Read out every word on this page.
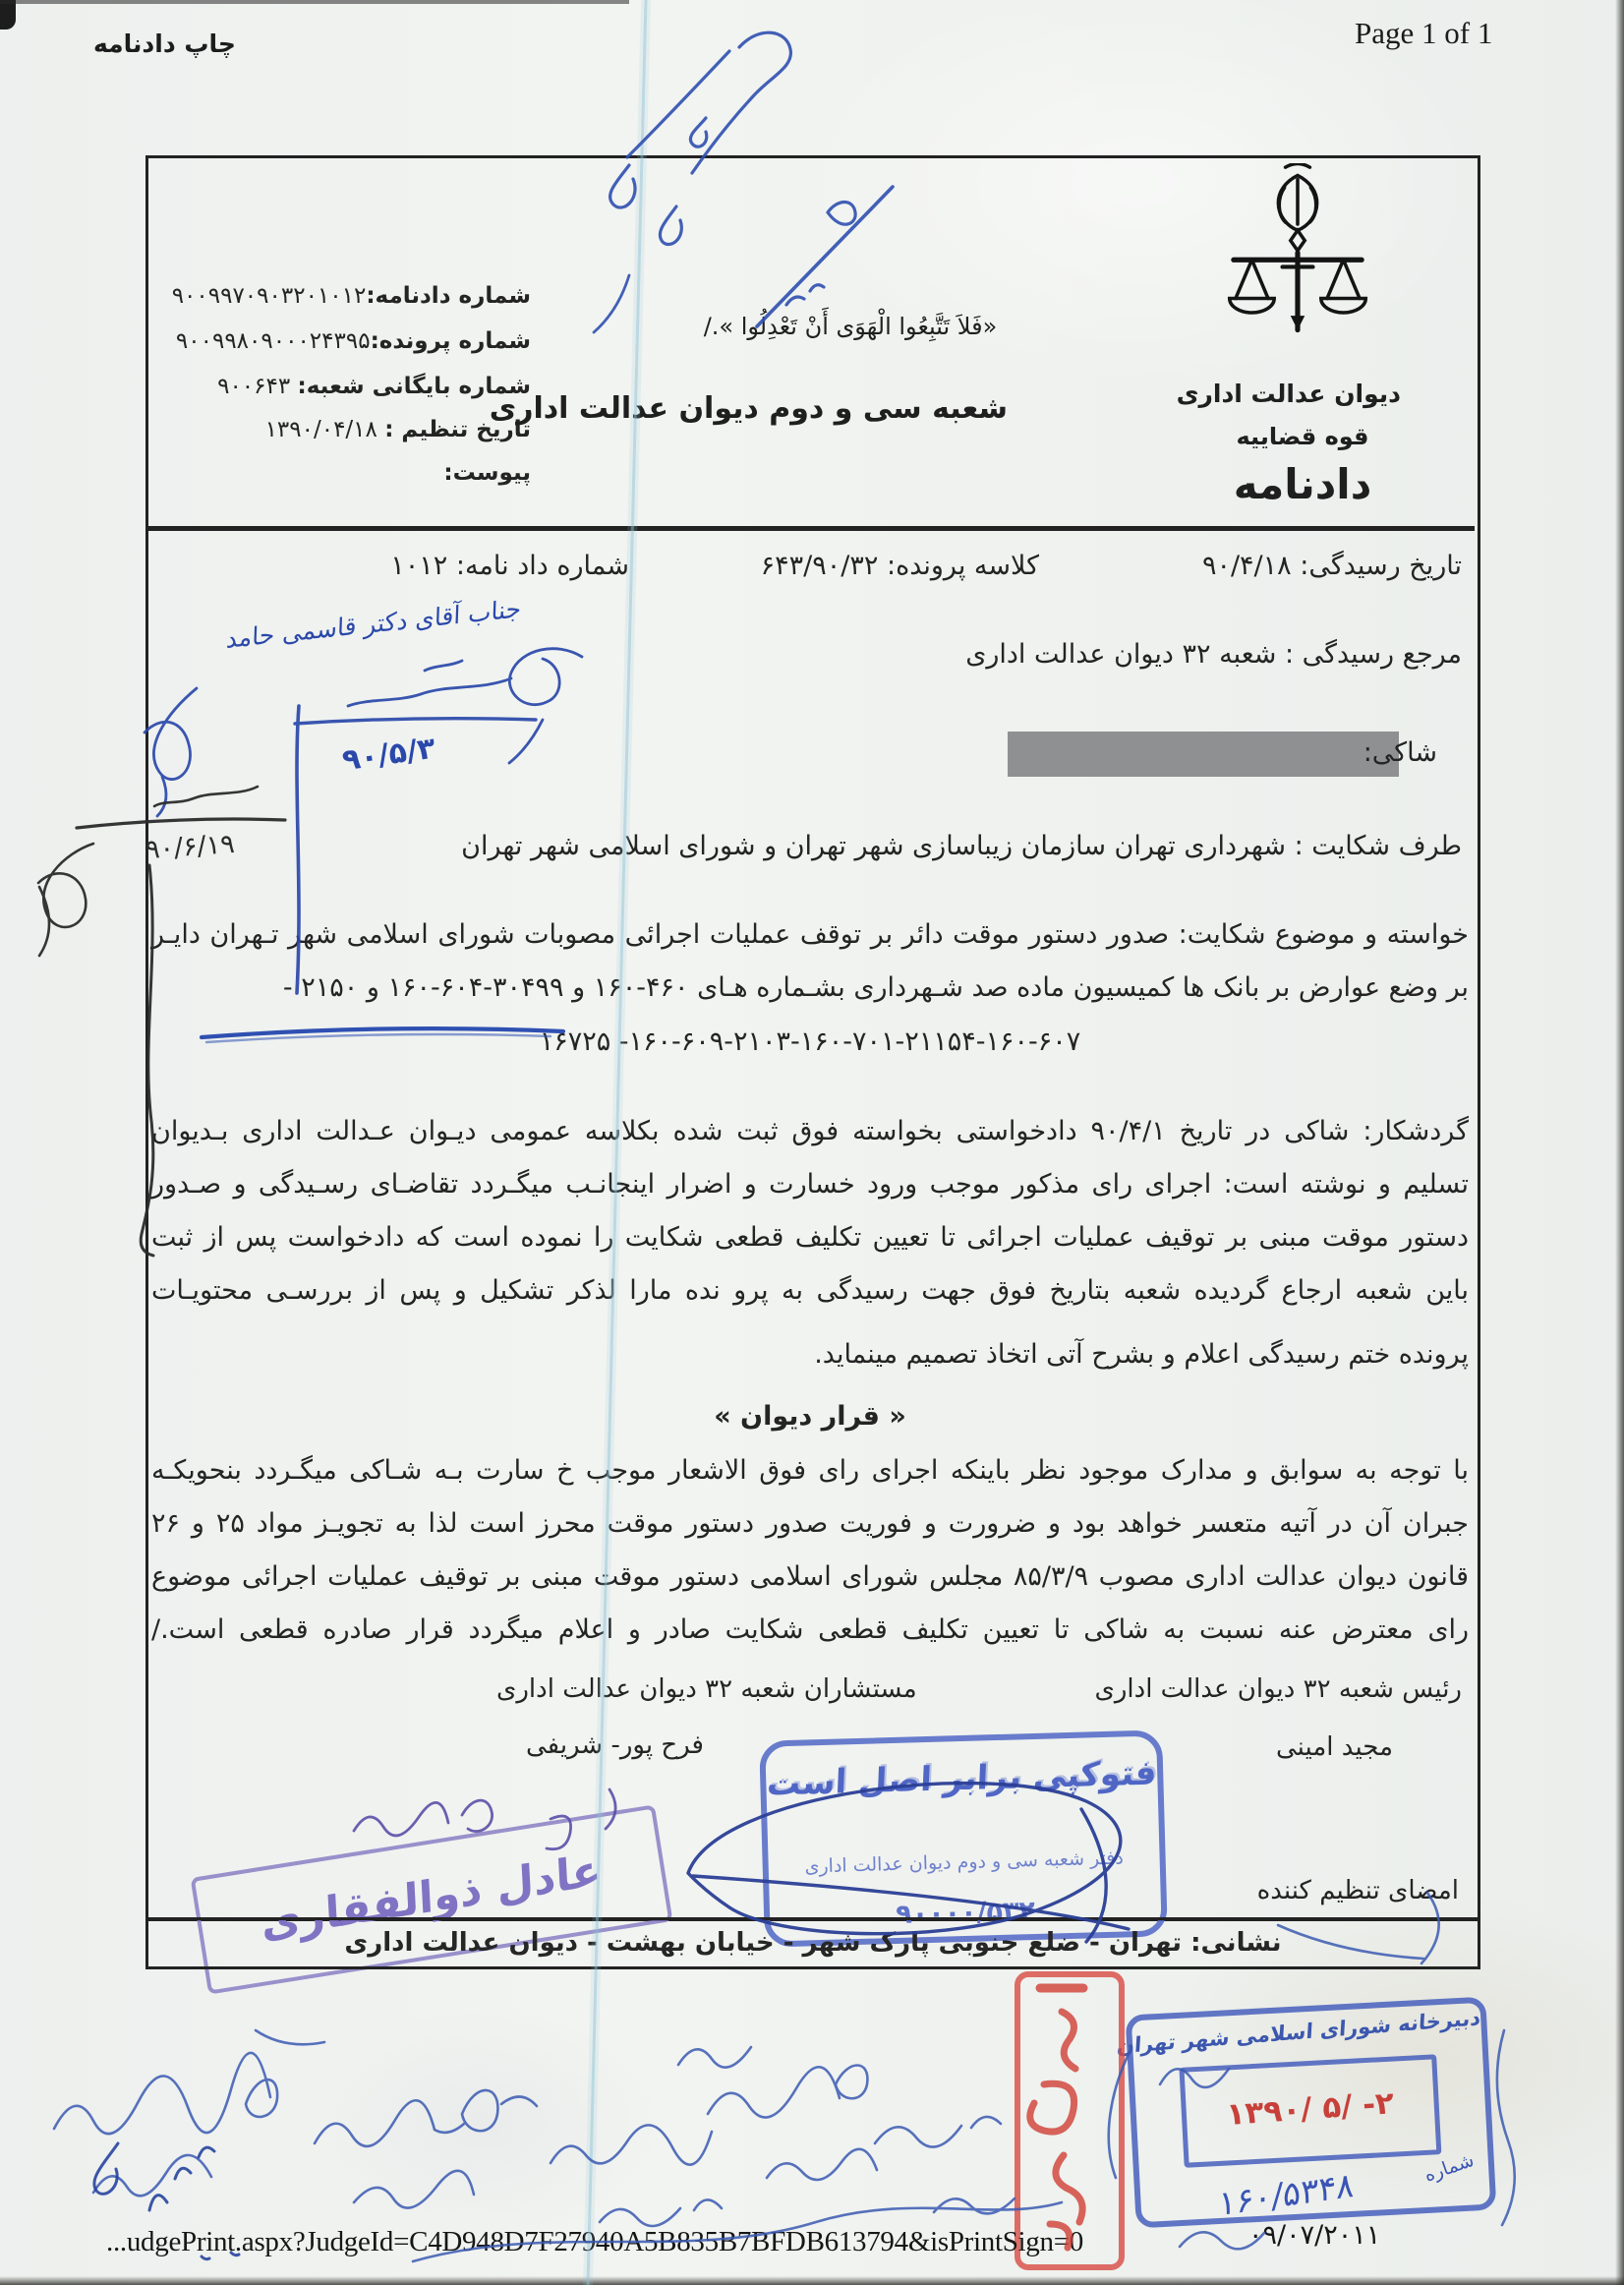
چاپ دادنامه	Page 1 of 1
شماره دادنامه:۹۰۰۹۹۷۰۹۰۳۲۰۱۰۱۲
شماره پرونده:۹۰۰۹۹۸۰۹۰۰۰۲۴۳۹۵
شماره بایگانی شعبه: ۹۰۰۶۴۳
تاریخ تنظیم : ۱۳۹۰/۰۴/۱۸
پیوست:
«فَلاَ تَتَّبِعُوا الْهَوَی أَنْ تَعْدِلُوا »./
شعبه سی و دوم دیوان عدالت اداری	دیوان عدالت اداری
قوه قضاییه
دادنامه
تاریخ رسیدگی: ۹۰/۴/۱۸
کلاسه پرونده: ۶۴۳/۹۰/۳۲
شماره داد نامه: ۱۰۱۲
مرجع رسیدگی : شعبه ۳۲ دیوان عدالت اداری
شاکی:
طرف شکایت : شهرداری تهران سازمان زیباسازی شهر تهران و شورای اسلامی شهر تهران
خواسته و موضوع شکایت: صدور دستور موقت دائر بر توقف عملیات اجرائی مصوبات شورای اسلامی شهر تـهران دایـر
بر وضع عوارض بر بانک ها کمیسیون ماده صد شـهرداری بشـماره هـای ۴۶۰-۱۶۰ و ۳۰۴۹۹-۶۰۴-۱۶۰ و ۲۱۵۰ -
۱۶۷۲۵ -۱۶۰-۶۰۹-۲۱۰۳-۱۶۰-۷۰۱-۲۱۱۵۴-۱۶۰-۶۰۷
گردشکار: شاکی در تاریخ ۹۰/۴/۱ دادخواستی بخواسته فوق ثبت شده بکلاسه عمومی دیـوان عـدالت اداری بـدیوان
تسلیم و نوشته است: اجرای رای مذکور موجب ورود خسارت و اضرار اینجانـب میگـردد تقاضـای رسـیدگی و صـدور
دستور موقت مبنی بر توقیف عملیات اجرائی تا تعیین تکلیف قطعی شکایت را نموده است که دادخواست پس از ثبت
باین شعبه ارجاع گردیده شعبه بتاریخ فوق جهت رسیدگی به پرو نده مارا لذکر تشکیل و پس از بررسـی محتویـات
پرونده ختم رسیدگی اعلام و بشرح آتی اتخاذ تصمیم مینماید.
« قرار دیوان »
با توجه به سوابق و مدارک موجود نظر باینکه اجرای رای فوق الاشعار موجب خ سارت بـه شـاکی میگـردد بنحویکـه
جبران آن در آتیه متعسر خواهد بود و ضرورت و فوریت صدور دستور موقت محرز است لذا به تجویـز مواد ۲۵ و ۲۶
قانون دیوان عدالت اداری مصوب ۸۵/۳/۹ مجلس شورای اسلامی دستور موقت مبنی بر توقیف عملیات اجرائی موضوع
رای معترض عنه نسبت به شاکی تا تعیین تکلیف قطعی شکایت صادر و اعلام میگردد قرار صادره قطعی است./
رئیس شعبه ۳۲ دیوان عدالت اداری
مستشاران شعبه ۳۲ دیوان عدالت اداری
مجید امینی
فرح پور- شریفی
امضای تنظیم کننده
فتوکپی برابر اصل است
دفتر شعبه سی و دوم دیوان عدالت اداری
۹۰۰۰۰/۵۳۲
عادل ذوالفقاری
نشانی: تهران - ضلع جنوبی پارک شهر - خیابان بهشت - دیوان عدالت اداری
دبیرخانه شورای اسلامی شهر تهران
۱۳۹۰/ ۵/ -۲
شماره
۱۶۰/۵۳۴۸
جناب آقای دکتر قاسمی حامد
۹۰/۵/۳
۹۰/۶/۱۹
...udgePrint.aspx?JudgeId=C4D948D7F27940A5B835B7BFDB613794&isPrintSign=0	۰۹/۰۷/۲۰۱۱
